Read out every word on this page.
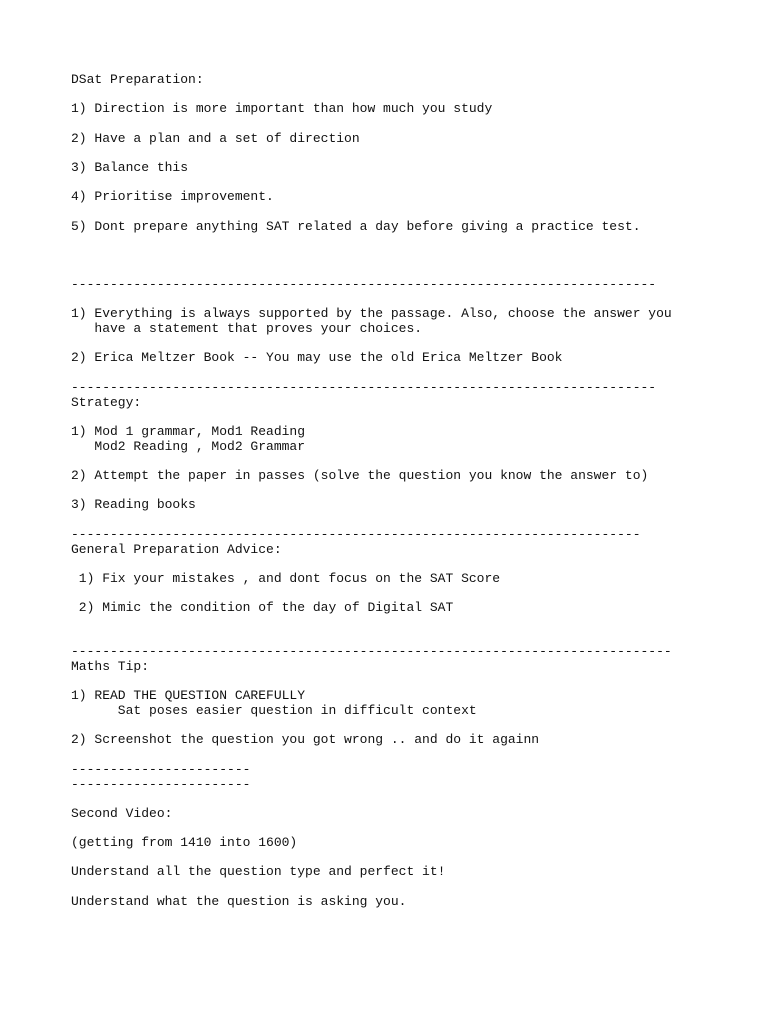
DSat Preparation:

1) Direction is more important than how much you study

2) Have a plan and a set of direction

3) Balance this

4) Prioritise improvement.

5) Dont prepare anything SAT related a day before giving a practice test.

---------------------------------------------------------------------------

1) Everything is always supported by the passage. Also, choose the answer you

have a statement that proves your choices.

2) Erica Meltzer Book -- You may use the old Erica Meltzer Book

---------------------------------------------------------------------------

Strategy:

1) Mod 1 grammar, Mod1 Reading

Mod2 Reading , Mod2 Grammar

2) Attempt the paper in passes (solve the question you know the answer to)

3) Reading books

-------------------------------------------------------------------------

General Preparation Advice:

1) Fix your mistakes , and dont focus on the SAT Score

2) Mimic the condition of the day of Digital SAT

-----------------------------------------------------------------------------

Maths Tip:

1) READ THE QUESTION CAREFULLY

Sat poses easier question in difficult context

2) Screenshot the question you got wrong .. and do it againn

-----------------------

-----------------------

Second Video:

(getting from 1410 into 1600)

Understand all the question type and perfect it!

Understand what the question is asking you.
